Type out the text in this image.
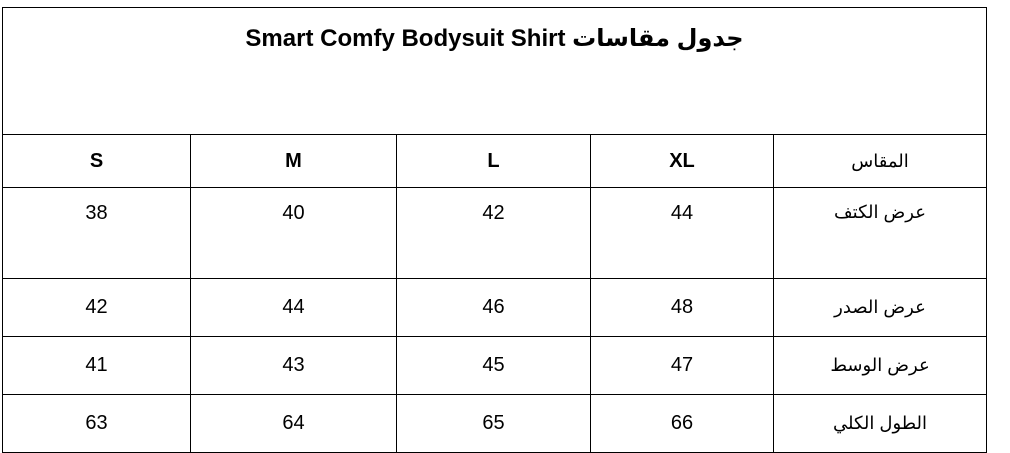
Smart Comfy Bodysuit Shirt جدول مقاسات				
S	M	L	XL	المقاس
38	40	42	44	عرض الكتف
42	44	46	48	عرض الصدر
41	43	45	47	عرض الوسط
63	64	65	66	الطول الكلي
